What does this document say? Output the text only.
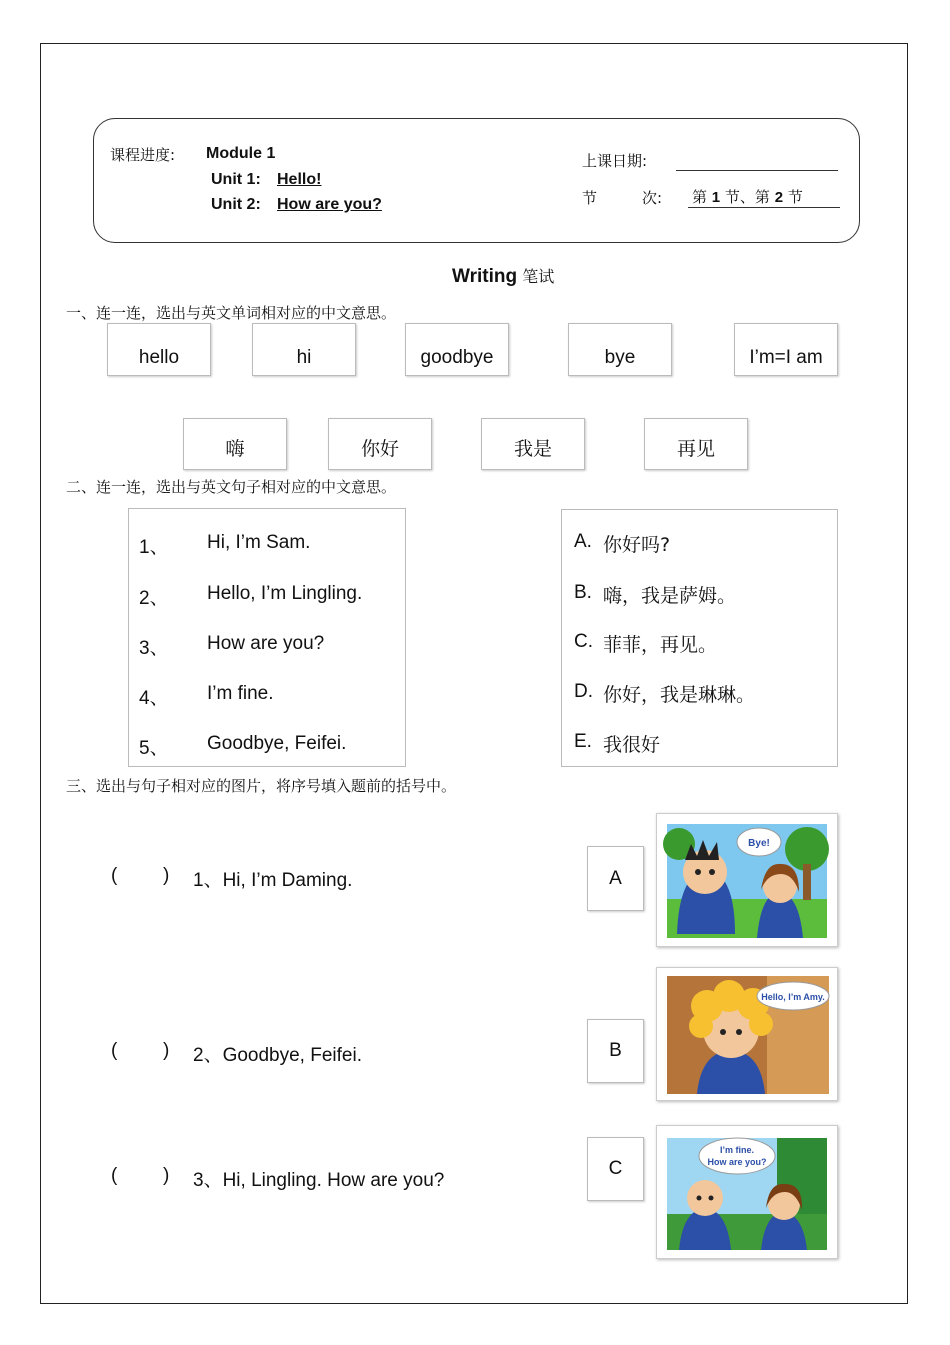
课程进度: Module 1
Unit 1: Hello!
Unit 2: How are you?
上课日期:
节	次: 第 1 节、第 2 节
Writing 笔试
一、连一连，选出与英文单词相对应的中文意思。
hello	hi	goodbye	bye	I’m=I am
嗨	你好	我是	再见
二、连一连，选出与英文句子相对应的中文意思。
1、 Hi, I’m Sam.
2、 Hello, I’m Lingling.
3、 How are you?
4、 I’m fine.
5、 Goodbye, Feifei.
A. 你好吗?
B. 嗨，我是萨姆。
C. 菲菲，再见。
D. 你好，我是琳琳。
E. 我很好
三、选出与句子相对应的图片，将序号填入题前的括号中。
( ) 1、Hi, I’m Daming.
( ) 2、Goodbye, Feifei.
( ) 3、Hi, Lingling. How are you?
A
B
C
Bye!
Hello, I’m Amy.
I’m fine.
How are you?
